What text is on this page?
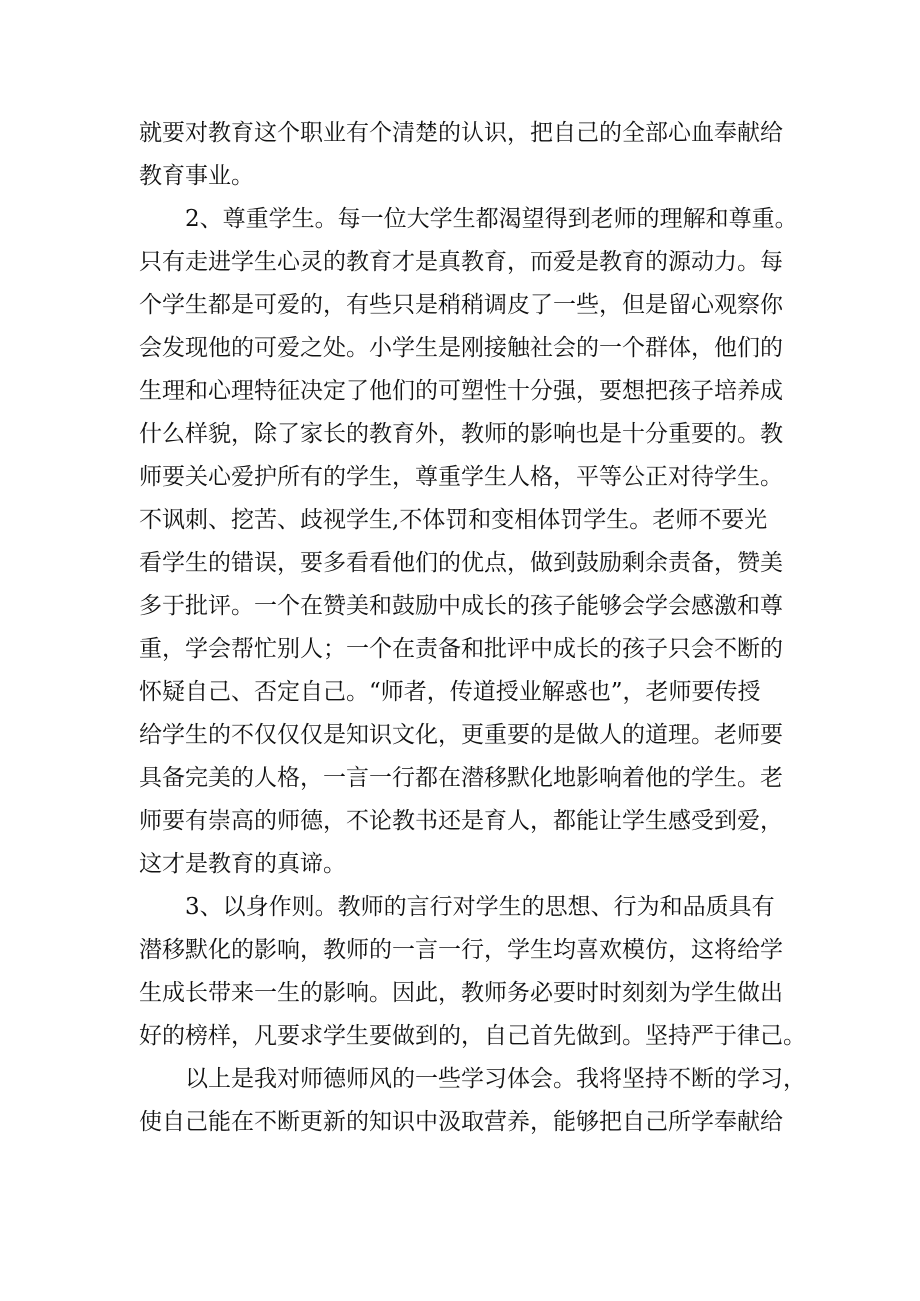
就要对教育这个职业有个清楚的认识，把自己的全部心血奉献给
教育事业。
2、尊重学生。每一位大学生都渴望得到老师的理解和尊重。
只有走进学生心灵的教育才是真教育，而爱是教育的源动力。每
个学生都是可爱的，有些只是稍稍调皮了一些，但是留心观察你
会发现他的可爱之处。小学生是刚接触社会的一个群体，他们的
生理和心理特征决定了他们的可塑性十分强，要想把孩子培养成
什么样貌，除了家长的教育外，教师的影响也是十分重要的。教
师要关心爱护所有的学生，尊重学生人格，平等公正对待学生。
不讽刺、挖苦、歧视学生,不体罚和变相体罚学生。老师不要光
看学生的错误，要多看看他们的优点，做到鼓励剩余责备，赞美
多于批评。一个在赞美和鼓励中成长的孩子能够会学会感激和尊
重，学会帮忙别人；一个在责备和批评中成长的孩子只会不断的
怀疑自己、否定自己。“师者，传道授业解惑也”，老师要传授
给学生的不仅仅仅是知识文化，更重要的是做人的道理。老师要
具备完美的人格，一言一行都在潜移默化地影响着他的学生。老
师要有崇高的师德，不论教书还是育人，都能让学生感受到爱，
这才是教育的真谛。
3、以身作则。教师的言行对学生的思想、行为和品质具有
潜移默化的影响，教师的一言一行，学生均喜欢模仿，这将给学
生成长带来一生的影响。因此，教师务必要时时刻刻为学生做出
好的榜样，凡要求学生要做到的，自己首先做到。坚持严于律己。
以上是我对师德师风的一些学习体会。我将坚持不断的学习，
使自己能在不断更新的知识中汲取营养，能够把自己所学奉献给
